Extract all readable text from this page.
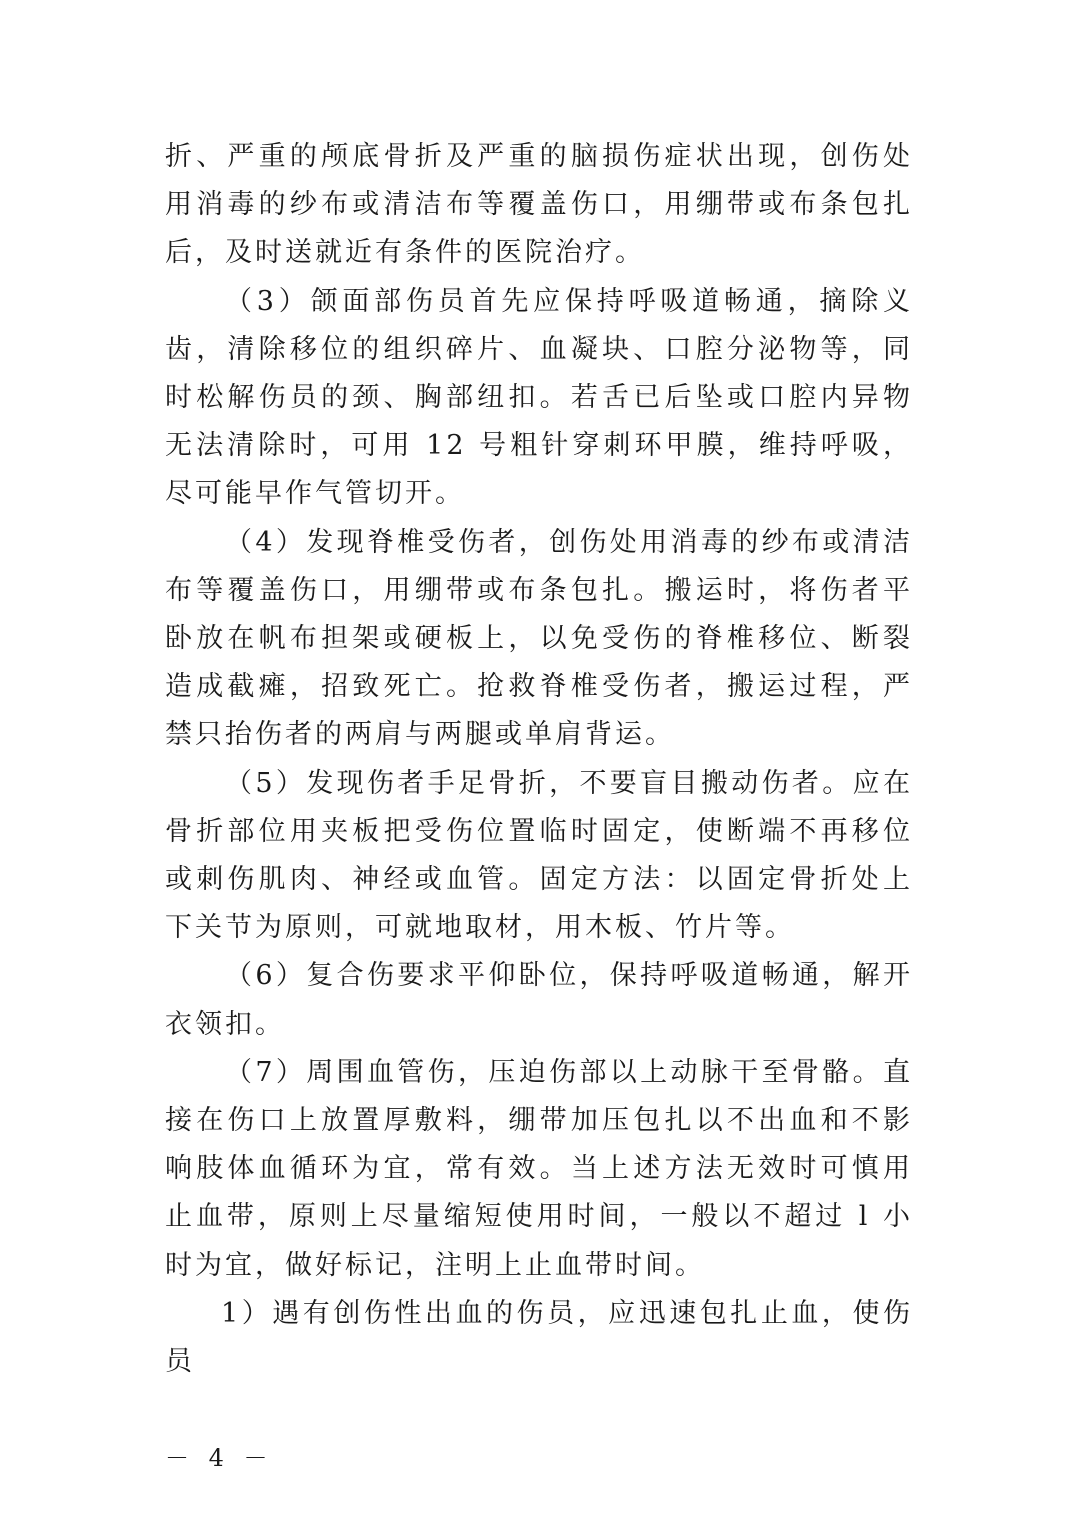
折、严重的颅底骨折及严重的脑损伤症状出现，创伤处用消毒的纱布或清洁布等覆盖伤口，用绷带或布条包扎后，及时送就近有条件的医院治疗。

（3）颌面部伤员首先应保持呼吸道畅通，摘除义齿，清除移位的组织碎片、血凝块、口腔分泌物等，同时松解伤员的颈、胸部纽扣。若舌已后坠或口腔内异物无法清除时，可用 12 号粗针穿刺环甲膜，维持呼吸，尽可能早作气管切开。

（4）发现脊椎受伤者，创伤处用消毒的纱布或清洁布等覆盖伤口，用绷带或布条包扎。搬运时，将伤者平卧放在帆布担架或硬板上，以免受伤的脊椎移位、断裂造成截瘫，招致死亡。抢救脊椎受伤者，搬运过程，严禁只抬伤者的两肩与两腿或单肩背运。

（5）发现伤者手足骨折，不要盲目搬动伤者。应在骨折部位用夹板把受伤位置临时固定，使断端不再移位或刺伤肌肉、神经或血管。固定方法：以固定骨折处上下关节为原则，可就地取材，用木板、竹片等。

（6）复合伤要求平仰卧位，保持呼吸道畅通，解开衣领扣。

（7）周围血管伤，压迫伤部以上动脉干至骨骼。直接在伤口上放置厚敷料，绷带加压包扎以不出血和不影响肢体血循环为宜，常有效。当上述方法无效时可慎用止血带，原则上尽量缩短使用时间，一般以不超过 l 小时为宜，做好标记，注明上止血带时间。

1）遇有创伤性出血的伤员，应迅速包扎止血，使伤员

－ 4 －
